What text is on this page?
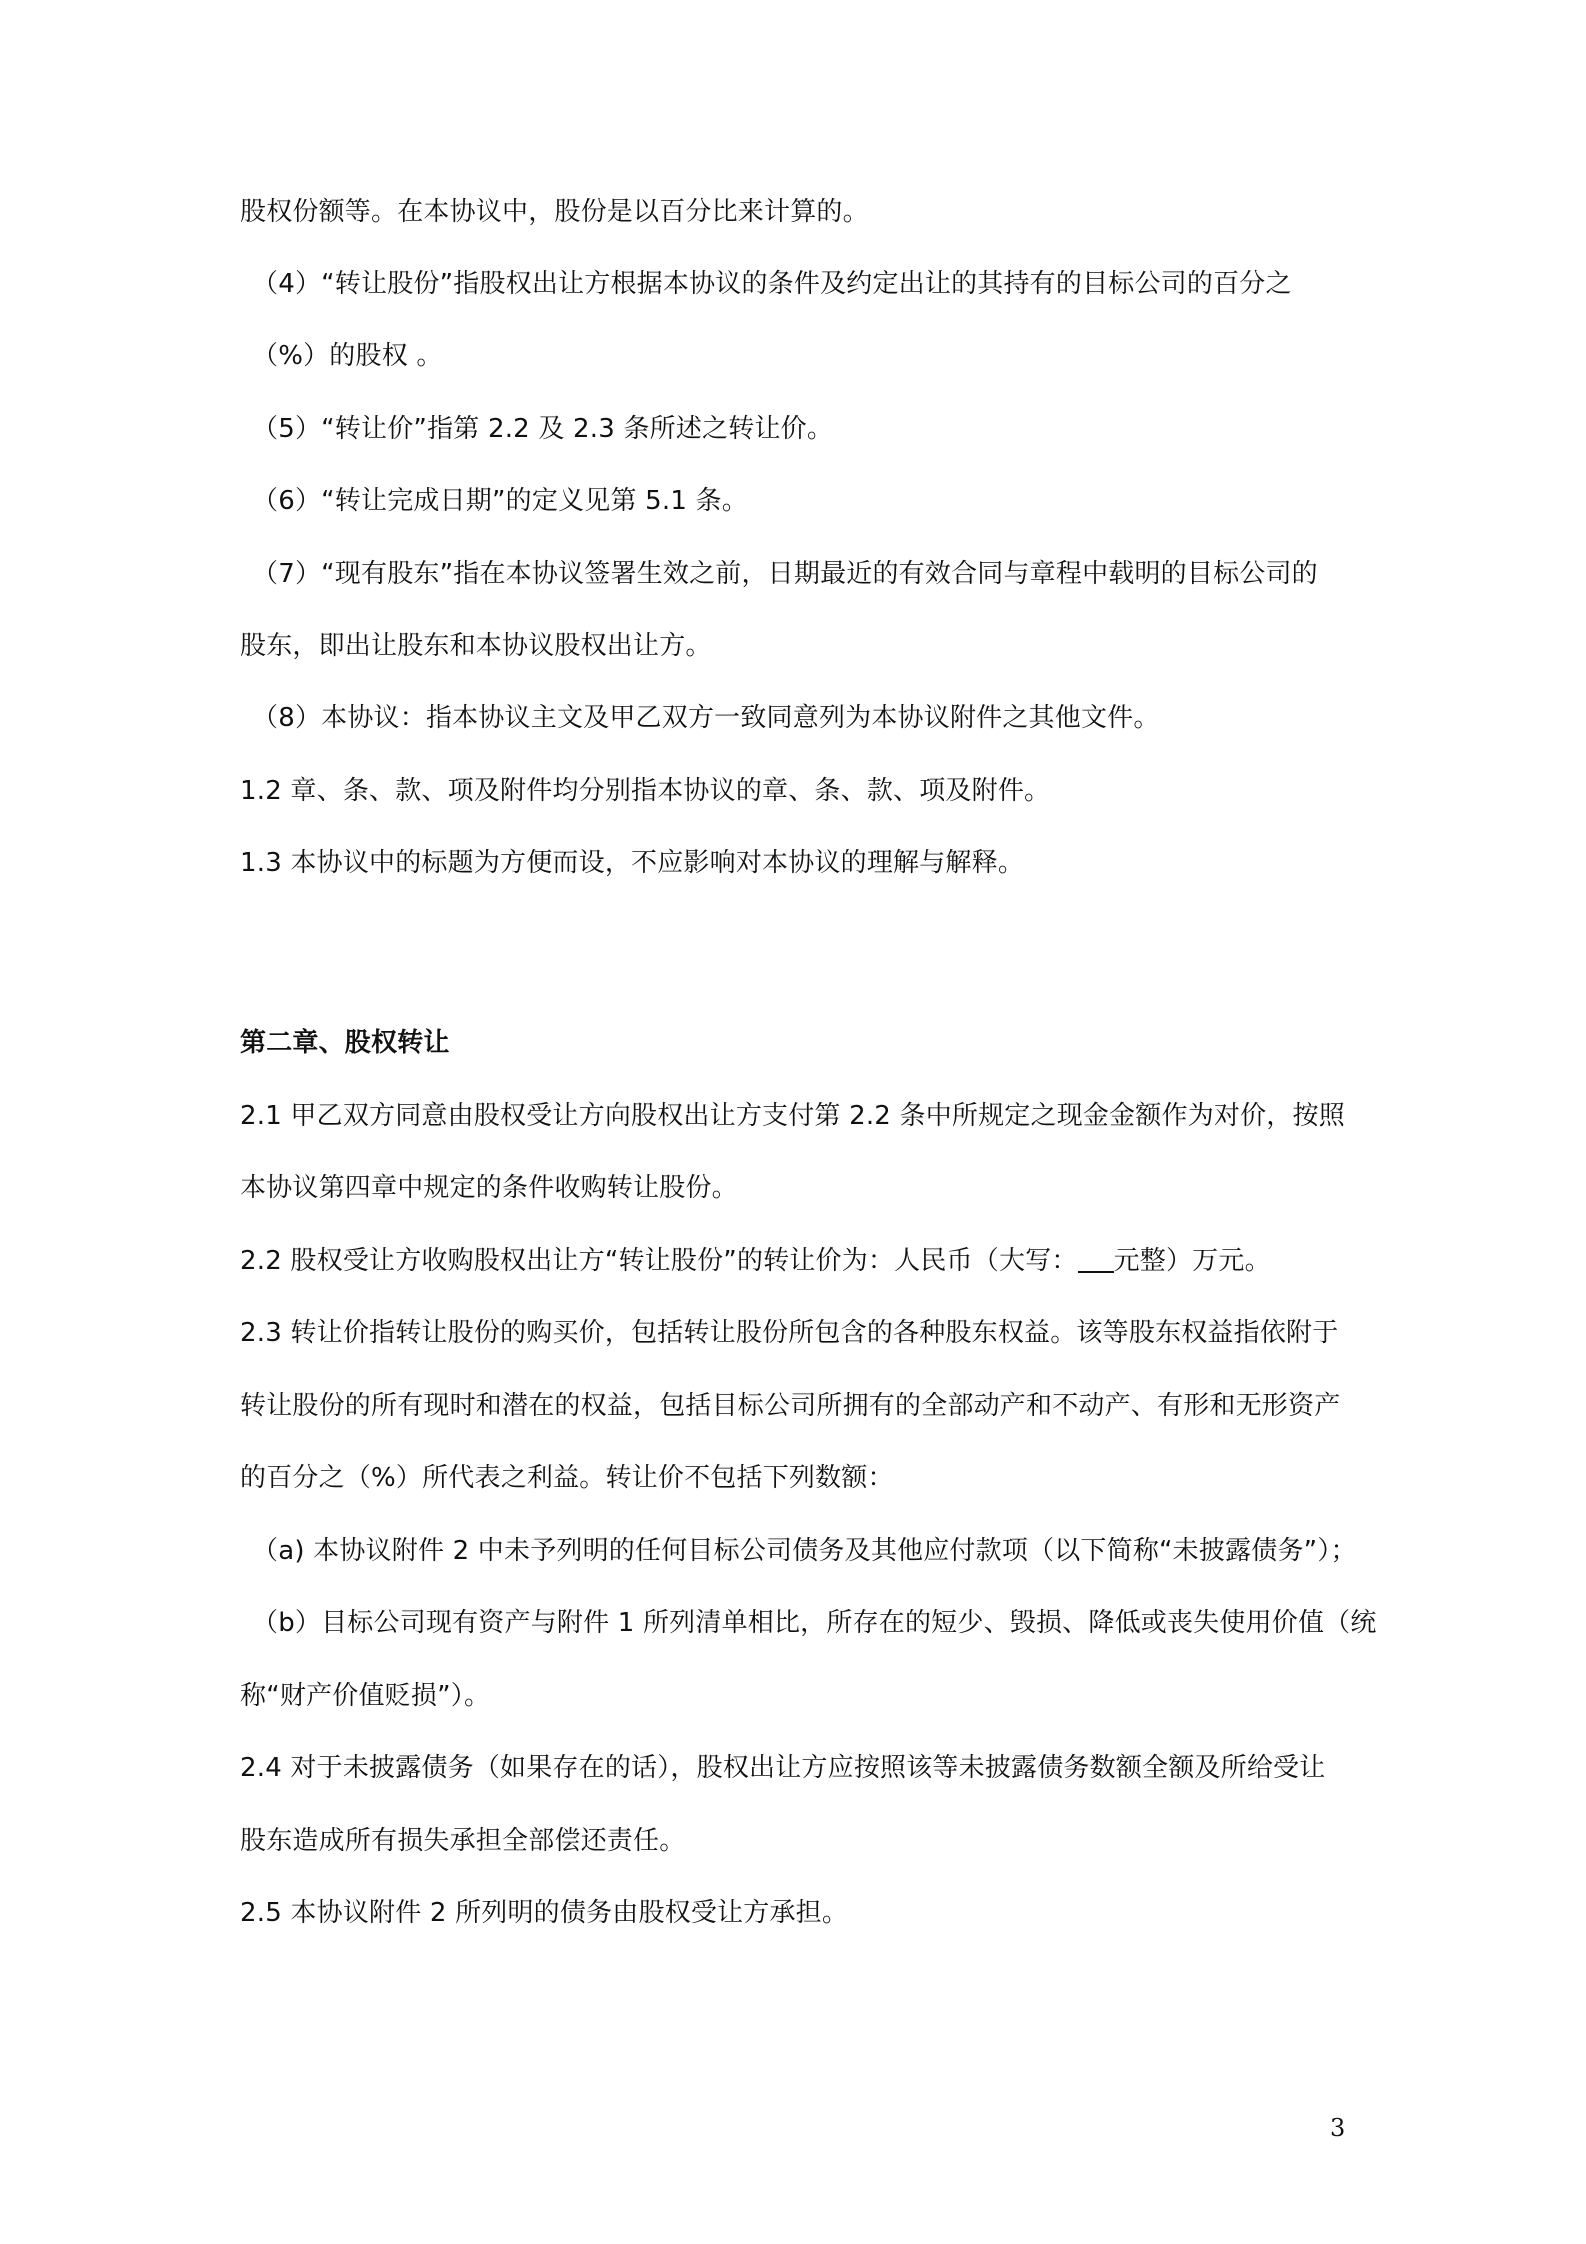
股权份额等。在本协议中，股份是以百分比来计算的。
（4）“转让股份”指股权出让方根据本协议的条件及约定出让的其持有的目标公司的百分之
（%）的股权 。
（5）“转让价”指第 2.2 及 2.3 条所述之转让价。
（6）“转让完成日期”的定义见第 5.1 条。
（7）“现有股东”指在本协议签署生效之前，日期最近的有效合同与章程中载明的目标公司的
股东，即出让股东和本协议股权出让方。
（8）本协议：指本协议主文及甲乙双方一致同意列为本协议附件之其他文件。
1.2 章、条、款、项及附件均分别指本协议的章、条、款、项及附件。
1.3 本协议中的标题为方便而设，不应影响对本协议的理解与解释。
第二章、股权转让
2.1 甲乙双方同意由股权受让方向股权出让方支付第 2.2 条中所规定之现金金额作为对价，按照
本协议第四章中规定的条件收购转让股份。
2.2 股权受让方收购股权出让方“转让股份”的转让价为：人民币（大写： 元整）万元。
2.3 转让价指转让股份的购买价，包括转让股份所包含的各种股东权益。该等股东权益指依附于
转让股份的所有现时和潜在的权益，包括目标公司所拥有的全部动产和不动产、有形和无形资产
的百分之（%）所代表之利益。转让价不包括下列数额：
（a) 本协议附件 2 中未予列明的任何目标公司债务及其他应付款项（以下简称“未披露债务”）；
（b）目标公司现有资产与附件 1 所列清单相比，所存在的短少、毁损、降低或丧失使用价值（统
称“财产价值贬损”）。
2.4 对于未披露债务（如果存在的话），股权出让方应按照该等未披露债务数额全额及所给受让
股东造成所有损失承担全部偿还责任。
2.5 本协议附件 2 所列明的债务由股权受让方承担。
3
